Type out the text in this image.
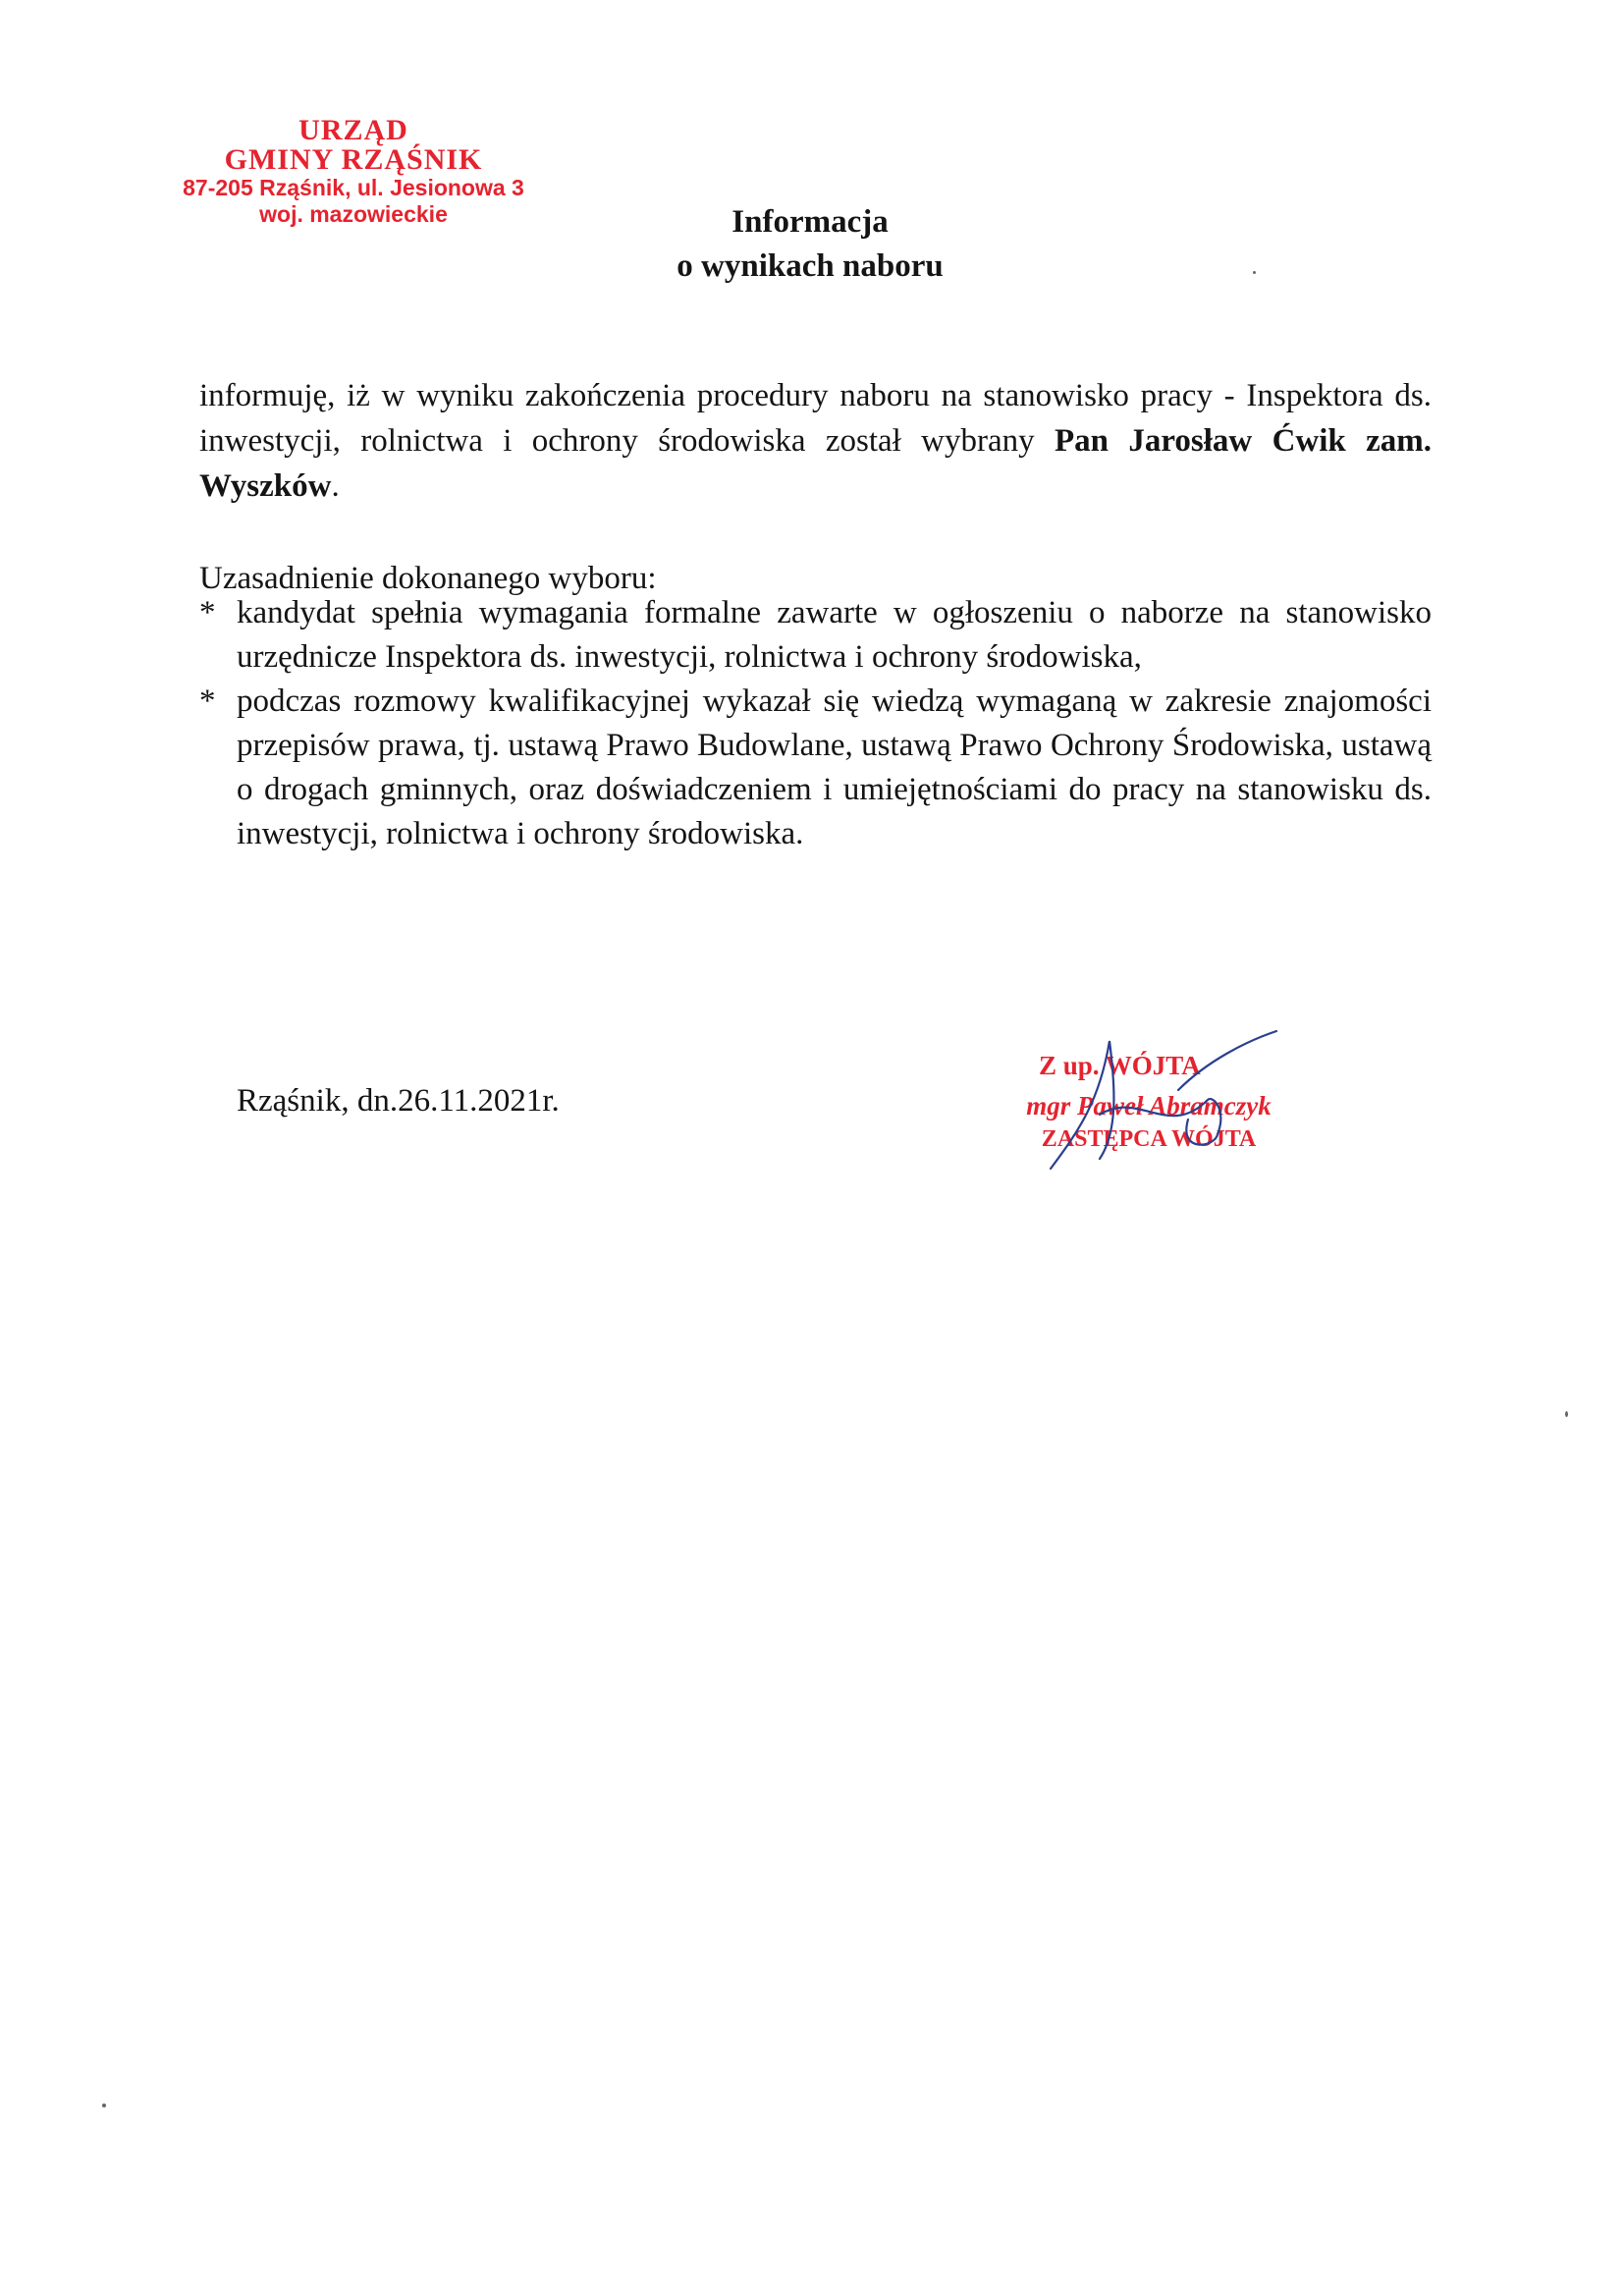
URZĄD
GMINY RZĄŚNIK
87-205 Rząśnik, ul. Jesionowa 3
woj. mazowieckie	Informacja
o wynikach naboru
informuję, iż w wyniku zakończenia procedury naboru na stanowisko pracy - Inspektora ds. inwestycji, rolnictwa i ochrony środowiska został wybrany Pan Jarosław Ćwik zam. Wyszków.
Uzasadnienie dokonanego wyboru:
* kandydat spełnia wymagania formalne zawarte w ogłoszeniu o naborze na stanowisko urzędnicze Inspektora ds. inwestycji, rolnictwa i ochrony środowiska,
* podczas rozmowy kwalifikacyjnej wykazał się wiedzą wymaganą w zakresie znajomości przepisów prawa, tj. ustawą Prawo Budowlane, ustawą Prawo Ochrony Środowiska, ustawą o drogach gminnych, oraz doświadczeniem i umiejętnościami do pracy na stanowisku ds. inwestycji, rolnictwa i ochrony środowiska.
Rząśnik, dn.26.11.2021r.
Z up. WÓJTA
mgr Paweł Abramczyk
ZASTĘPCA WÓJTA
